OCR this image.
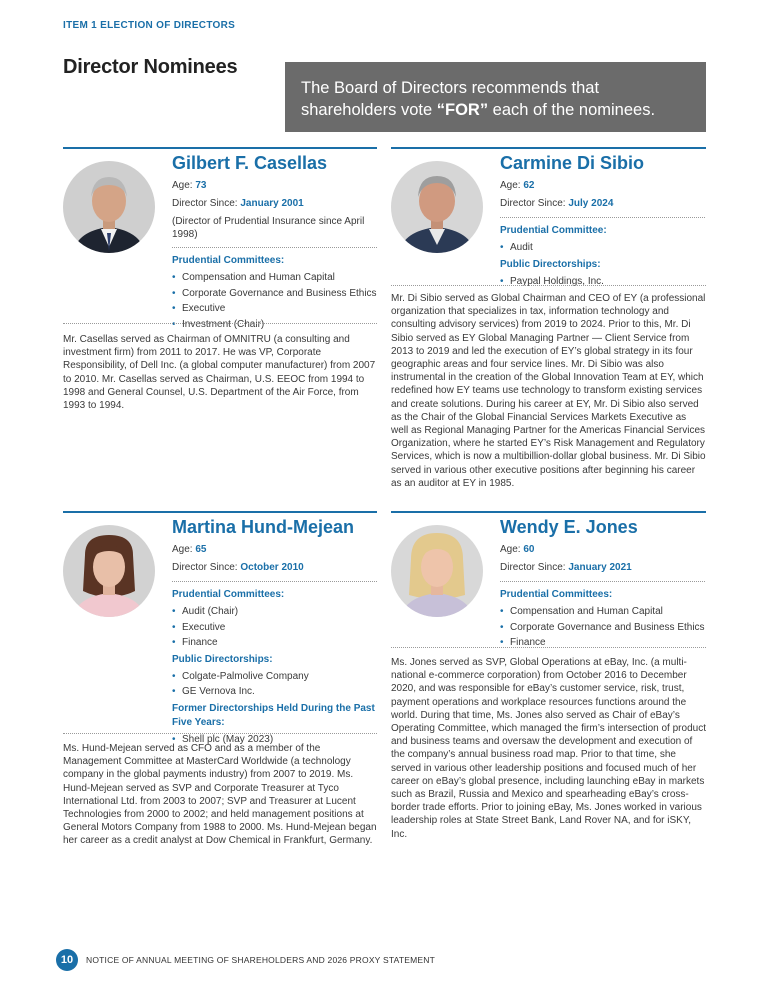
ITEM 1 ELECTION OF DIRECTORS
Director Nominees
The Board of Directors recommends that
shareholders vote “FOR” each of the nominees.
Gilbert F. Casellas
Age: 73
Director Since: January 2001
(Director of Prudential Insurance since April 1998)
Prudential Committees:
• Compensation and Human Capital
• Corporate Governance and Business Ethics
• Executive
• Investment (Chair)
Mr. Casellas served as Chairman of OMNITRU (a consulting and investment firm) from 2011 to 2017. He was VP, Corporate Responsibility, of Dell Inc. (a global computer manufacturer) from 2007 to 2010. Mr. Casellas served as Chairman, U.S. EEOC from 1994 to 1998 and General Counsel, U.S. Department of the Air Force, from 1993 to 1994.
Carmine Di Sibio
Age: 62
Director Since: July 2024
Prudential Committee:
• Audit
Public Directorships:
• Paypal Holdings, Inc.
Mr. Di Sibio served as Global Chairman and CEO of EY (a professional organization that specializes in tax, information technology and consulting advisory services) from 2019 to 2024. Prior to this, Mr. Di Sibio served as EY Global Managing Partner — Client Service from 2013 to 2019 and led the execution of EY’s global strategy in its four geographic areas and four service lines. Mr. Di Sibio was also instrumental in the creation of the Global Innovation Team at EY, which redefined how EY teams use technology to transform existing services and create solutions. During his career at EY, Mr. Di Sibio also served as the Chair of the Global Financial Services Markets Executive as well as Regional Managing Partner for the Americas Financial Services Organization, where he started EY’s Risk Management and Regulatory Services, which is now a multibillion-dollar global business. Mr. Di Sibio served in various other executive positions after beginning his career as an auditor at EY in 1985.
Martina Hund-Mejean
Age: 65
Director Since: October 2010
Prudential Committees:
• Audit (Chair)
• Executive
• Finance
Public Directorships:
• Colgate-Palmolive Company
• GE Vernova Inc.
Former Directorships Held During the Past Five Years:
• Shell plc (May 2023)
Ms. Hund-Mejean served as CFO and as a member of the Management Committee at MasterCard Worldwide (a technology company in the global payments industry) from 2007 to 2019. Ms. Hund-Mejean served as SVP and Corporate Treasurer at Tyco International Ltd. from 2003 to 2007; SVP and Treasurer at Lucent Technologies from 2000 to 2002; and held management positions at General Motors Company from 1988 to 2000. Ms. Hund-Mejean began her career as a credit analyst at Dow Chemical in Frankfurt, Germany.
Wendy E. Jones
Age: 60
Director Since: January 2021
Prudential Committees:
• Compensation and Human Capital
• Corporate Governance and Business Ethics
• Finance
Ms. Jones served as SVP, Global Operations at eBay, Inc. (a multi-national e-commerce corporation) from October 2016 to December 2020, and was responsible for eBay’s customer service, risk, trust, payment operations and workplace resources functions around the world. During that time, Ms. Jones also served as Chair of eBay’s Operating Committee, which managed the firm’s intersection of product and business teams and oversaw the development and execution of the company’s annual business road map. Prior to that time, she served in various other leadership positions and focused much of her career on eBay’s global presence, including launching eBay in markets such as Brazil, Russia and Mexico and spearheading eBay’s cross-border trade efforts. Prior to joining eBay, Ms. Jones worked in various leadership roles at State Street Bank, Land Rover NA, and for iSKY, Inc.
10	NOTICE OF ANNUAL MEETING OF SHAREHOLDERS AND 2026 PROXY STATEMENT
